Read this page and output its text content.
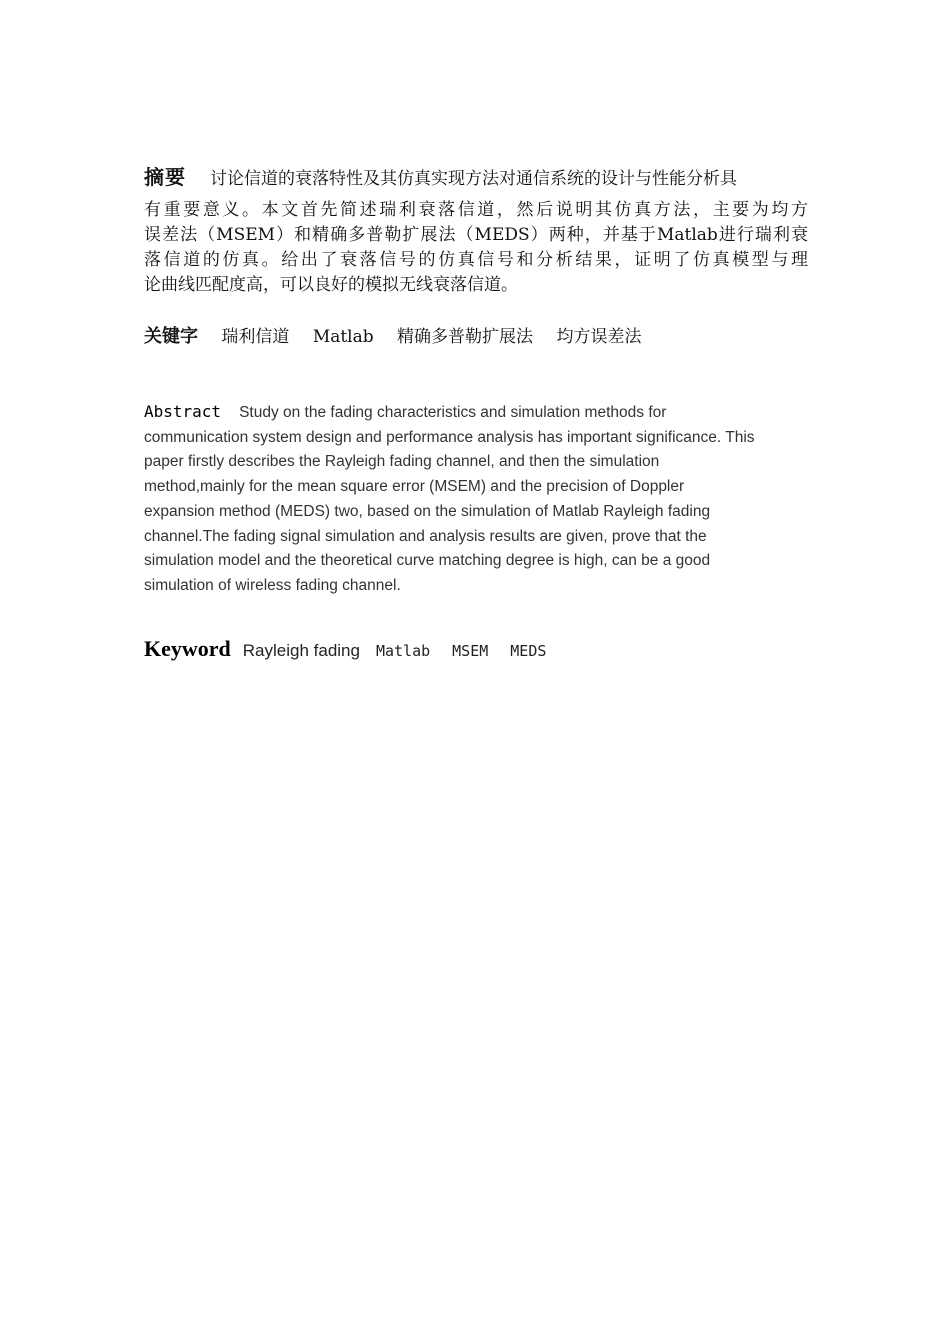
摘要 讨论信道的衰落特性及其仿真实现方法对通信系统的设计与性能分析具
有重要意义。本文首先简述瑞利衰落信道，然后说明其仿真方法，主要为均方
误差法（MSEM）和精确多普勒扩展法（MEDS）两种，并基于Matlab进行瑞利衰
落信道的仿真。给出了衰落信号的仿真信号和分析结果，证明了仿真模型与理
论曲线匹配度高，可以良好的模拟无线衰落信道。
关键字 瑞利信道 Matlab 精确多普勒扩展法 均方误差法
Abstract Study on the fading characteristics and simulation methods for
communication system design and performance analysis has important significance. This
paper firstly describes the Rayleigh fading channel, and then the simulation
method,mainly for the mean square error (MSEM) and the precision of Doppler
expansion method (MEDS) two, based on the simulation of Matlab Rayleigh fading
channel.The fading signal simulation and analysis results are given, prove that the
simulation model and the theoretical curve matching degree is high, can be a good
simulation of wireless fading channel.
Keyword Rayleigh fading Matlab MSEM MEDS
